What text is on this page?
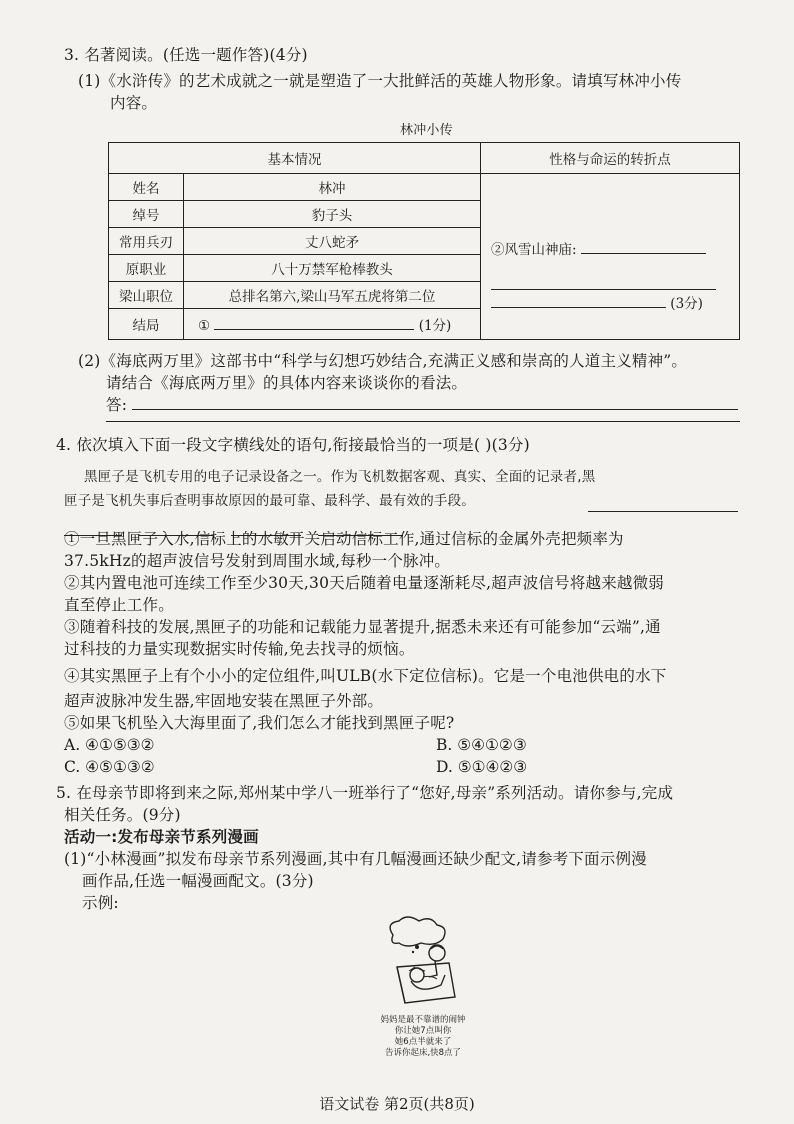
3. 名著阅读。(任选一题作答)(4分)
(1)《水浒传》的艺术成就之一就是塑造了一大批鲜活的英雄人物形象。请填写林冲小传
内容。
林冲小传
基本情况		性格与命运的转折点
姓名	林冲	②风雪山神庙:
(3分)

绰号	豹子头	
常用兵刃	丈八蛇矛	
原职业	八十万禁军枪棒教头	
梁山职位	总排名第六,梁山马军五虎将第二位	
结局	① (1分)	
(2)《海底两万里》这部书中“科学与幻想巧妙结合,充满正义感和崇高的人道主义精神”。
请结合《海底两万里》的具体内容来谈谈你的看法。
答:
4. 依次填入下面一段文字横线处的语句,衔接最恰当的一项是( )(3分)
黑匣子是飞机专用的电子记录设备之一。作为飞机数据客观、真实、全面的记录者,黑
匣子是飞机失事后查明事故原因的最可靠、最科学、最有效的手段。

①一旦黑匣子入水,信标上的水敏开关启动信标工作,通过信标的金属外壳把频率为
37.5kHz的超声波信号发射到周围水域,每秒一个脉冲。
②其内置电池可连续工作至少30天,30天后随着电量逐渐耗尽,超声波信号将越来越微弱
直至停止工作。
③随着科技的发展,黑匣子的功能和记载能力显著提升,据悉未来还有可能参加“云端”,通
过科技的力量实现数据实时传输,免去找寻的烦恼。
④其实黑匣子上有个小小的定位组件,叫ULB(水下定位信标)。它是一个电池供电的水下
超声波脉冲发生器,牢固地安装在黑匣子外部。
⑤如果飞机坠入大海里面了,我们怎么才能找到黑匣子呢?
A. ④①⑤③②	B. ⑤④①②③
C. ④⑤①③②	D. ⑤①④②③
5. 在母亲节即将到来之际,郑州某中学八一班举行了“您好,母亲”系列活动。请你参与,完成
相关任务。(9分)
活动一:发布母亲节系列漫画
(1)“小林漫画”拟发布母亲节系列漫画,其中有几幅漫画还缺少配文,请参考下面示例漫
画作品,任选一幅漫画配文。(3分)
示例:
妈妈是最不靠谱的闹钟
你让她7点叫你
她6点半就来了
告诉你起床,快8点了
语文试卷 第2页(共8页)
